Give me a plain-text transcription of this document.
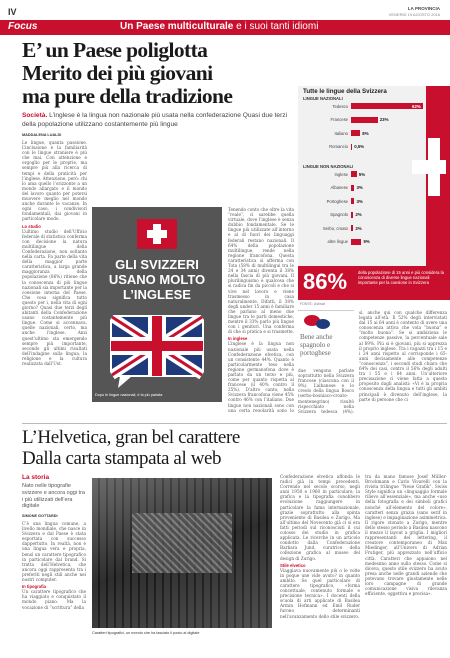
IV	LA PROVINCIA
VENERDÌ 19 AGOSTO 2016
Focus	Un Paese multiculturale e i suoi tanti idiomi
E’ un Paese poliglotta
Merito dei più giovani
ma pure della tradizione
Società. L’inglese è la lingua non nazionale più usata nella confederazione Quasi due terzi della popolazione utilizzano costantemente più lingue
MADDALENA LUALDI
Le lingue, quanta passione. L’inclusione e la familiarità con le lingue straniere è più che mai. Con attenzione e orgoglio per le proprie, ma sempre più alla ricerca di tempi e della praticità per l’inglese. Attenzione, però: chi lo ama quello l’orizzonte a un mondo allargato e il mondo del lavoro quanto per potersi muovere meglio nel mondo anche durante le vacanze. In ogni caso, i condivisori fondamentali, dai giovani in particolare modo.

Lo studio
L’ultimo studio dell’Ufficio federale di statistica conferma con decisione la natura multilingue della Confederazione, non soltanto nella carta. Fa parte della vita della maggior parte caratteristica, a larga grande maggioranza della popolazione (86%) ritiene che la conoscenza di più lingue nazionali sia importante per la coesione interna del Paese. Che cosa significa tutto questo per i, nella vita di ogni giorno? Quasi due terzi degli abitanti della Confederazione usano costantemente più lingue. Come si accennava, quelle nazionali, certo, ma anche l’inglese. Anzi quest’ultimo sta emergendo sempre più importante, secondo gli ultimi risultati dell’indagine sulla lingua, la religione e la cultura realizzata dall’Ust.
GLI SVIZZERI
USANO MOLTO
L’INGLESE
Dopo le lingue nazionali, è la più parlata
Tenendo conto che oltre la vita “reale”, ci sarebbe quella virtuale, dove l’inglese è senza dubbio fondamentale. Se le lingue più utilizzate all’interno e al di fuori dei linguaggi federali restano nazionali. Il 64% della popolazione multilingue, rende nella regione francofona. Questa caratteristica si afferma con Tota (58% di multilingui tra le 24 e 34 anni) diventa il 38% nella fascia di più giovani. Il plurilinguismo è qualcosa che si radica fin da piccoli e che si vive nel lavoro e viene trasmesso in casa naturalmente. Difatti, il 38% degli under 15 anni è familiare che parlano al meno due lingue tra le parti domestiche, mentre il 33% parlo più lingue con i genitori. Una conferma di che si pratica e si trasmette.

In inglese
L’inglese è la lingua non nazionale più usata nella Confederazione elvetica, con un consistente 44%. Quanto è particolarmente teso nella regione germanofona dove è parlato da un terzo e più, come per quanto rispetta al francese (il 40% contro il 25%). D’altro canto, nella Svizzera francofona viene 45% contro 46% con l’italiano. Due lingue non nazionali sono con una certa regolarità sono lo
Tutte le lingue della Svizzera
LINGUE NAZIONALI
LINGUE NON NAZIONALI
Tedesco	62%
Francese	23%
Italiano	8%
Romancio 0,5%
Inglese 5%
Albanese 3%
Portoghese 3%
Spagnolo 2%
Serbo, croato 2%
altre lingue	9%
86%	della popolazione di 15 anni e più considera la conoscenza di diverse lingue nazionali importante per la coesione in Svizzera
FONTE: Ust/swi
Bene anche spagnolo e portoghese
due vengono parlate soprattutto nella Svizzera francese (ciascuna con il 9%). L’albanese e lo creolo della lingua Bosco (serbo-bosniaco-croato-montenegrino) risultò rispecchiato nella Svizzera tedesca (4%).
sì, anche qui con qualche differenza legata all’età. Il 52% degli intervistati dal 15 ai 64 anni è contento di avere una conoscenza attiva che vola “buona” e “molto buona”. Se si ambiziona le competenze passive, la percentuale sale al 69%. Più si è giovani, più si apprezza il proprio inglese. Tra i ragazzi tra i 15 e i 24 anni rispetto al corrisponde i 65-anni decisamente alle competenze “conoscenza”, i secondi studi chiara che 64% dei casi, contro il 56% degli adulti tra i 55 e i 64 anni. Un’ulteriore precisazione ci viene fatta a questo proposito dagli analisti: «Vi è la propria conoscenza della lingua e tutti gli ambiti principali è divenuto dell’inglese, la parte di persone che ci
L’Helvetica, gran bel carattere
Dalla carta stampata al web
La storia
Nato nelle tipografie svizzere e ancora oggi tra i più utilizzati dell’era digitale
SIMONE GOTTARDI
C’è una lingua comune, a livello mondiale, che nasce in Svizzera e dal Paese è stata esportata con successo dappertutto. In realtà, non è una lingua vera e propria, bensì un carattere tipografico in particolare dal brand. Si tratta dell’Helvetica, che ancora oggi rappresenta tra i preferiti negli stili anche nei nostri computer.

In tipografia
Un carattere tipografico che ha viaggiato e conquistato il mondo piano. Ma la vocazione di “scrittura” della
Caratteri tipografici, un mondo che ha lasciato il posto al digitale
Confederazione elvetica affonda le radici già in tempi precedenti. Correndo nel secolo scorso, negli anni 1950 e 1960 in particolare, la grafica e la tipografia conobbero evoluzione raggiungere in particolare la fama internazionale, grazie soprattutto alla spinta proveniente di Basilea e Zurigo. Ma all’ultimo del Novecento già ci si era fatti periodi sul riconosciuti il cui colosso dei studio in grafica applicata. Le ricerche in un articolo condotto dalla Confederazione Barbara Jund, curatrice della collezione grafica al museo del design di Zurigo.

Stile elvetico
Viaggiava nuovamente più o le volte in poque une vide avuto? in quanto ambito. Se quel particolare di carattere tipografico, «forma concettuale, contenuto formale e precisione tecnica». I docenti della scuola di arti applicate di Basilea Armin Hofmann ed Emil Ruder furono determinanti nell’avanzamento dello stile svizzero.
tra da mano famose Josef Müller-Brockmann e Carlo Vivarelli con la rivista trilingue “Neue Grafik”. Swiss Style significa un «linguaggio formale rilievo all’essenziale», ma anche «uso della fotografia e dei simboli grafici nonché all’elemento del colore», caratteri senza grazia (sans serif in inglese) e impaginazione asimmetrica. Il rigore stonato a Zurigo, mentre dello stesso periodo a Basilea nascono il mezzo il layout a griglia. I migliori rappresentanti del lettering, il creatore contemporaneo di Max Miedinger, all’Univers di Adrian Frutiger, più apprezzato nell’ufficio città. Caratteri che appaiono nel medesimo anno sullo stesso. Come si diceva, questo stile svizzero ha avuto presa anche nelle grandi aziende che potevano trovare giustamente nelle loro campagne di grande comunicazione visiva rilevanza efficiente, oggettiva e precisa».
